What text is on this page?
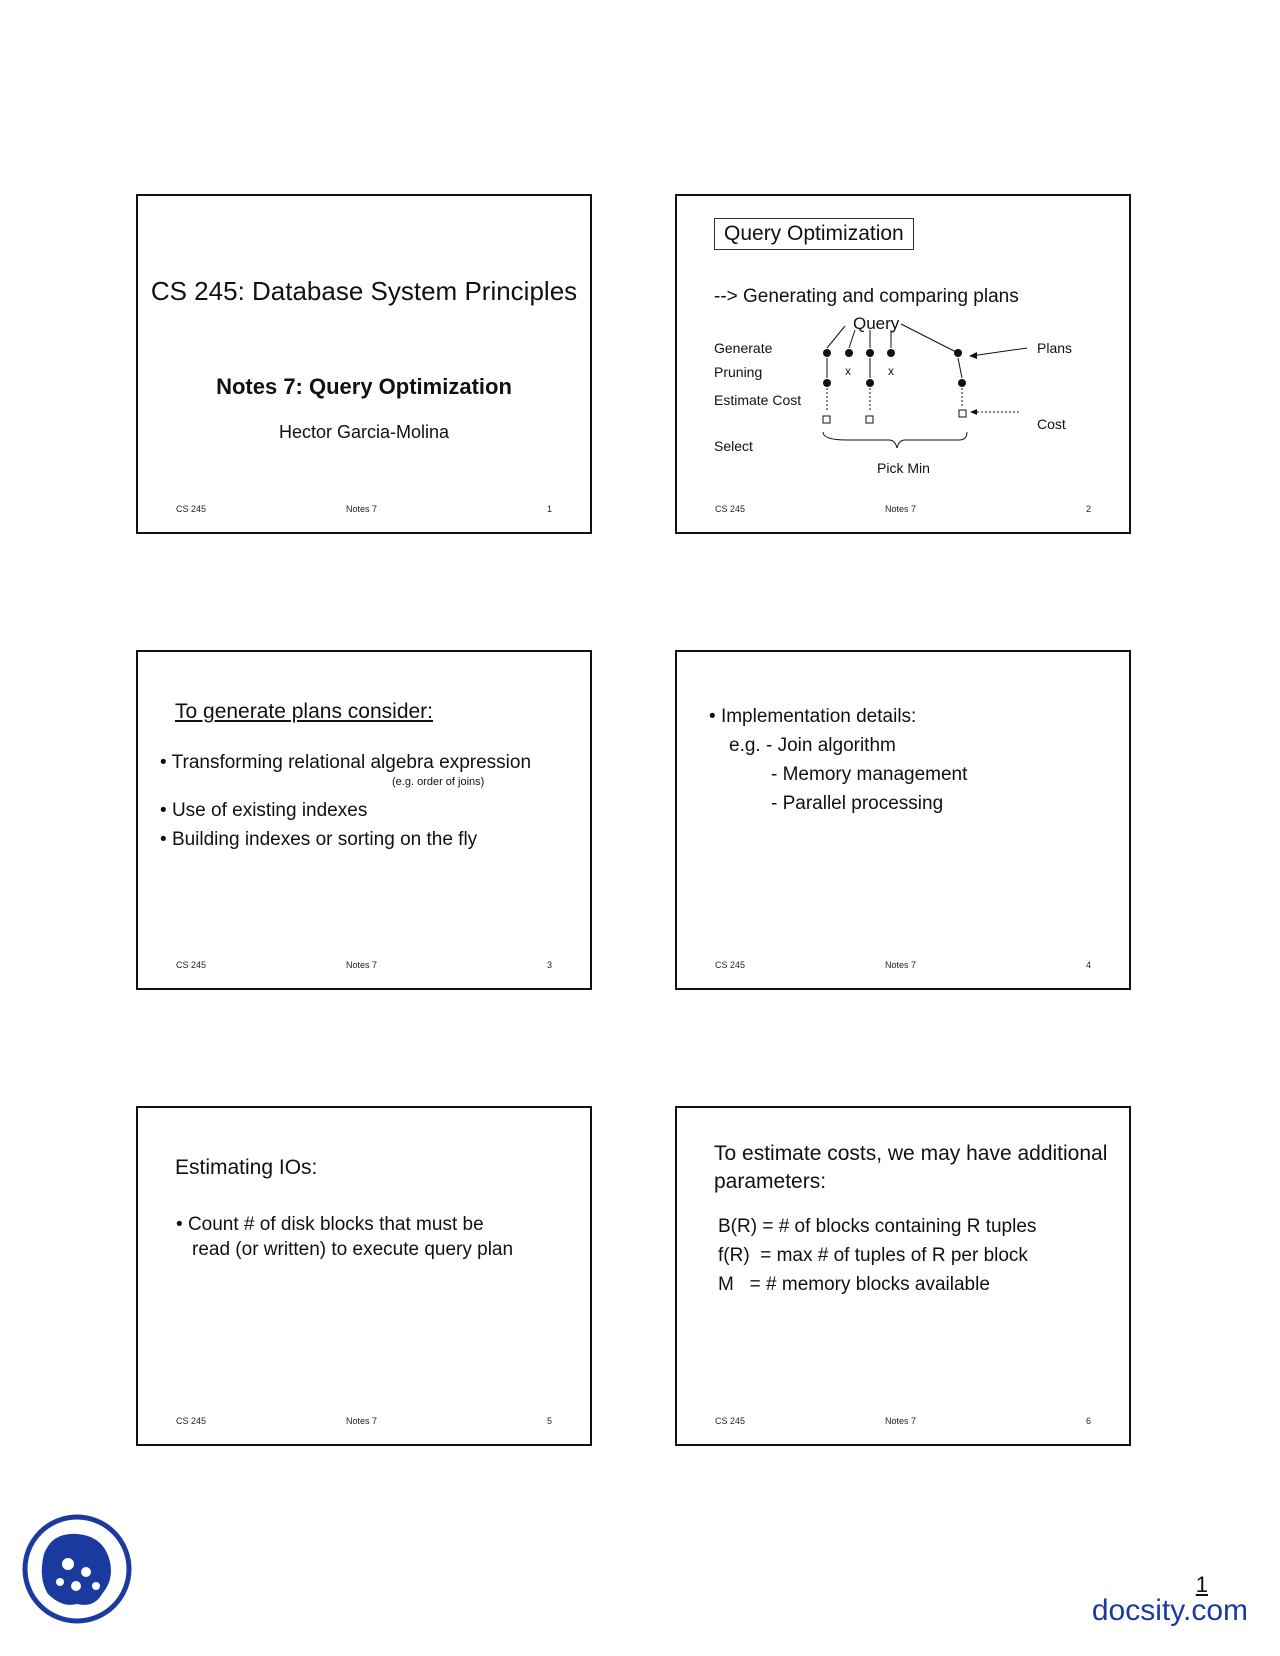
CS 245: Database System Principles
Notes 7: Query Optimization
Hector Garcia-Molina
CS 245	Notes 7	1
Query Optimization
--> Generating and comparing plans
Query
Generate
Pruning
Estimate Cost
Select
Plans
Cost
Pick Min
x	x
CS 245	Notes 7	2
To generate plans consider:
• Transforming relational algebra expression
(e.g. order of joins)
• Use of existing indexes
• Building indexes or sorting on the fly
CS 245	Notes 7	3
• Implementation details:
e.g. - Join algorithm
- Memory management
- Parallel processing
CS 245	Notes 7	4
Estimating IOs:
• Count # of disk blocks that must be
read (or written) to execute query plan
CS 245	Notes 7	5
To estimate costs, we may have additional parameters:
B(R) = # of blocks containing R tuples
f(R)  = max # of tuples of R per block
M   = # memory blocks available
CS 245	Notes 7	6
1
docsity.com
